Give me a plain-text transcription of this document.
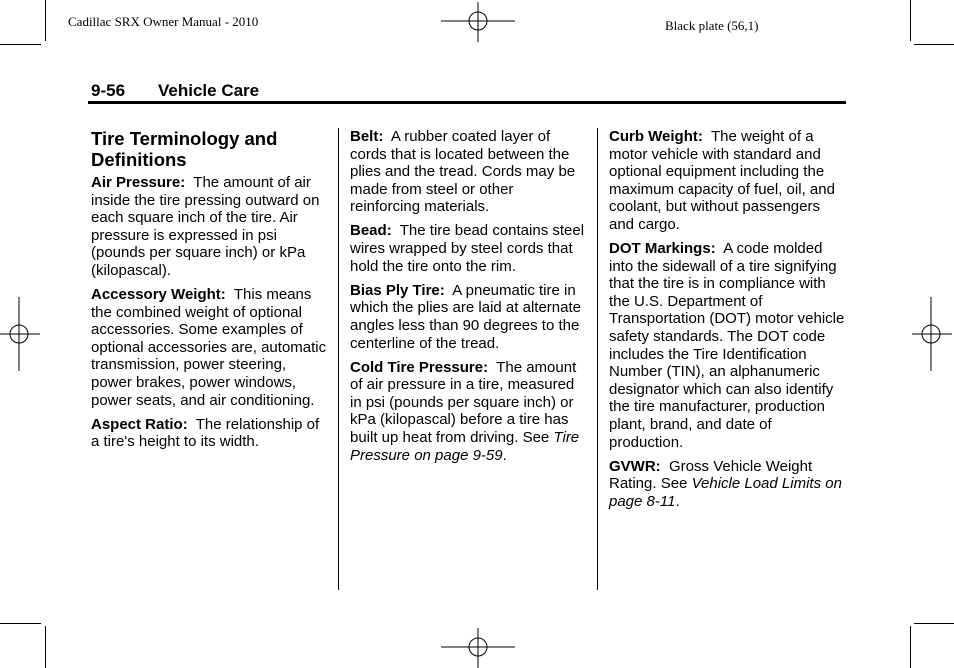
Cadillac SRX Owner Manual - 2010	Black plate (56,1)
9-56 Vehicle Care
Tire Terminology and Definitions
Air Pressure: The amount of air inside the tire pressing outward on each square inch of the tire. Air pressure is expressed in psi (pounds per square inch) or kPa (kilopascal).
Accessory Weight: This means the combined weight of optional accessories. Some examples of optional accessories are, automatic transmission, power steering, power brakes, power windows, power seats, and air conditioning.
Aspect Ratio: The relationship of a tire's height to its width.
Belt: A rubber coated layer of cords that is located between the plies and the tread. Cords may be made from steel or other reinforcing materials.
Bead: The tire bead contains steel wires wrapped by steel cords that hold the tire onto the rim.
Bias Ply Tire: A pneumatic tire in which the plies are laid at alternate angles less than 90 degrees to the centerline of the tread.
Cold Tire Pressure: The amount of air pressure in a tire, measured in psi (pounds per square inch) or kPa (kilopascal) before a tire has built up heat from driving. See Tire Pressure on page 9-59.
Curb Weight: The weight of a motor vehicle with standard and optional equipment including the maximum capacity of fuel, oil, and coolant, but without passengers and cargo.
DOT Markings: A code molded into the sidewall of a tire signifying that the tire is in compliance with the U.S. Department of Transportation (DOT) motor vehicle safety standards. The DOT code includes the Tire Identification Number (TIN), an alphanumeric designator which can also identify the tire manufacturer, production plant, brand, and date of production.
GVWR: Gross Vehicle Weight Rating. See Vehicle Load Limits on page 8-11.
